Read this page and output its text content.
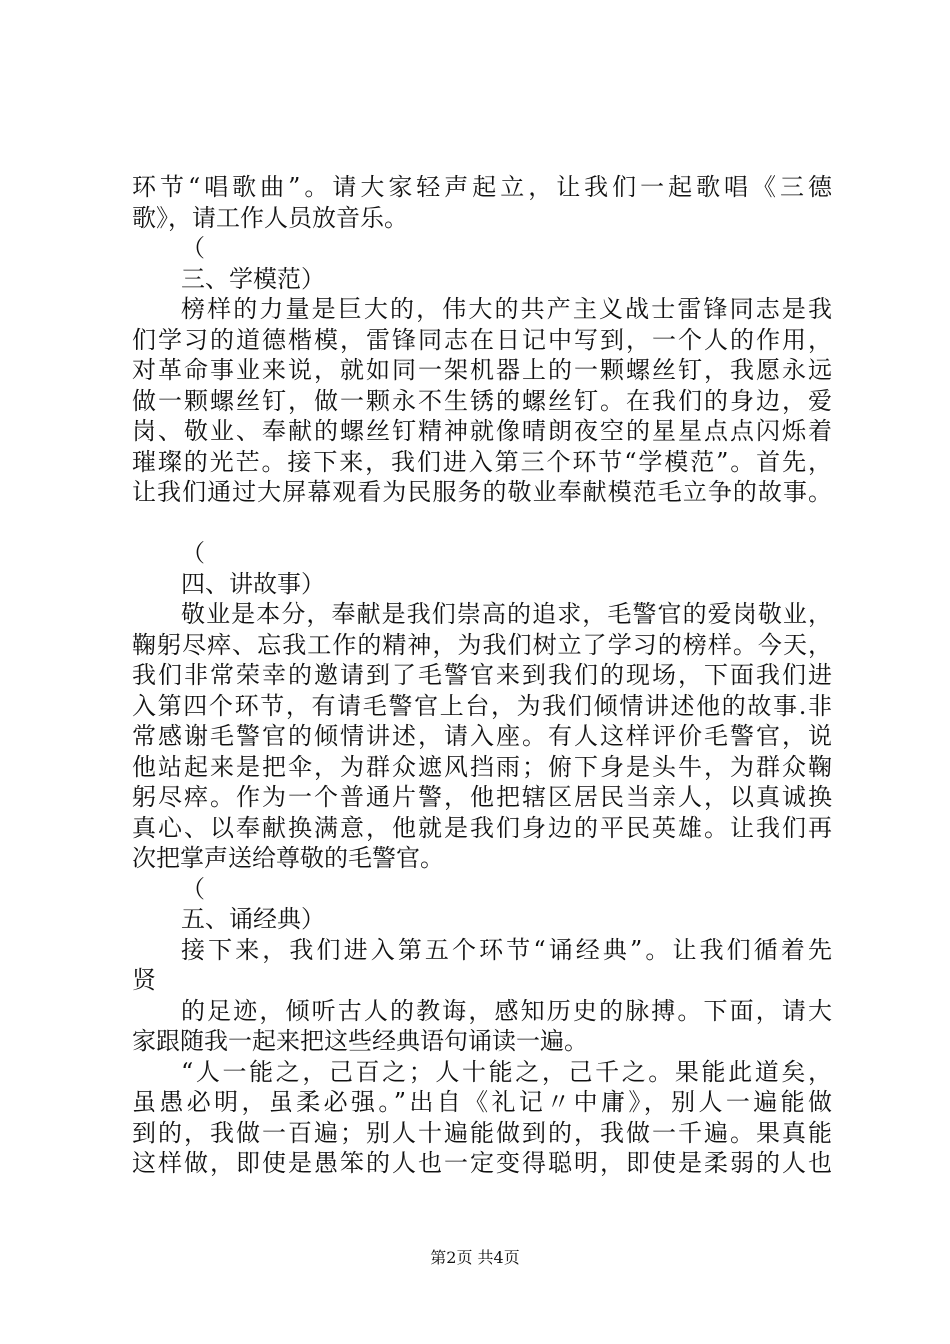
环节“唱歌曲”。请大家轻声起立，让我们一起歌唱《三德
歌》，请工作人员放音乐。
（
三、学模范）
榜样的力量是巨大的，伟大的共产主义战士雷锋同志是我
们学习的道德楷模，雷锋同志在日记中写到，一个人的作用，
对革命事业来说，就如同一架机器上的一颗螺丝钉，我愿永远
做一颗螺丝钉，做一颗永不生锈的螺丝钉。在我们的身边，爱
岗、敬业、奉献的螺丝钉精神就像晴朗夜空的星星点点闪烁着
璀璨的光芒。接下来，我们进入第三个环节“学模范”。首先，
让我们通过大屏幕观看为民服务的敬业奉献模范毛立争的故事。
（
四、讲故事）
敬业是本分，奉献是我们崇高的追求，毛警官的爱岗敬业，
鞠躬尽瘁、忘我工作的精神，为我们树立了学习的榜样。今天，
我们非常荣幸的邀请到了毛警官来到我们的现场，下面我们进
入第四个环节，有请毛警官上台，为我们倾情讲述他的故事.非
常感谢毛警官的倾情讲述，请入座。有人这样评价毛警官，说
他站起来是把伞，为群众遮风挡雨；俯下身是头牛，为群众鞠
躬尽瘁。作为一个普通片警，他把辖区居民当亲人，以真诚换
真心、以奉献换满意，他就是我们身边的平民英雄。让我们再
次把掌声送给尊敬的毛警官。
（
五、诵经典）
接下来，我们进入第五个环节“诵经典”。让我们循着先
贤
的足迹，倾听古人的教诲，感知历史的脉搏。下面，请大
家跟随我一起来把这些经典语句诵读一遍。
“人一能之，己百之；人十能之，己千之。果能此道矣，
虽愚必明，虽柔必强。”出自《礼记〃中庸》，别人一遍能做
到的，我做一百遍；别人十遍能做到的，我做一千遍。果真能
这样做，即使是愚笨的人也一定变得聪明，即使是柔弱的人也
第2页 共4页
